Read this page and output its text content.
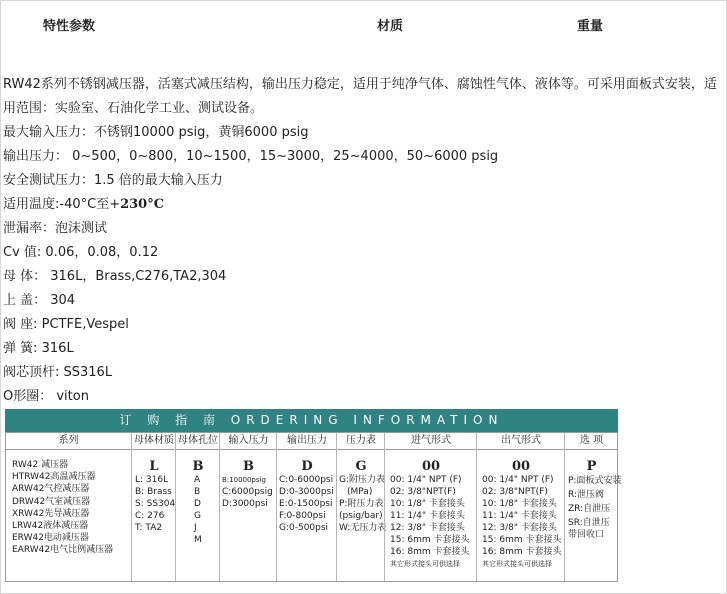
特性参数	材质	重量

RW42系列不锈钢减压器，活塞式减压结构，输出压力稳定，适用于纯净气体、腐蚀性气体、液体等。可采用面板式安装，适用范围：实验室、石油化学工业、测试设备。

最大输入压力：不锈钢10000 psig，黄铜6000 psig

输出压力： 0~500，0~800，10~1500，15~3000，25~4000，50~6000 psig

安全测试压力：1.5 倍的最大输入压力

适用温度:-40°C至+230°C

泄漏率：泡沫测试

Cv 值: 0.06，0.08，0.12

母 体： 316L，Brass,C276,TA2,304

上 盖： 304

阀 座: PCTFE,Vespel

弹 簧: 316L

阀芯顶杆: SS316L

O形圈： viton

订 购 指 南 ORDERING INFORMATION
系列
RW42 减压器
HTRW42高温减压器
ARW42气控减压器
DRW42气室减压器
XRW42先导减压器
LRW42液体减压器
ERW42电动减压器
EARW42电气比例减压器
母体材质
L
L: 316L
B: Brass
S: SS304
C: 276
T: TA2
母体孔位
B
A
B
D
G
J
M
输入压力
B
B:10000psig
C:6000psig
D:3000psi
输出压力
D
C:0-6000psi
D:0-3000psi
E:0-1500psi
F:0-800psi
G:0-500psi
压力表
G
G:附压力表
(MPa)
P:附压力表
(psig/bar)
W:无压力表
进气形式
00
00: 1/4" NPT (F)
02: 3/8"NPT(F)
10: 1/8" 卡套接头
11: 1/4" 卡套接头
12: 3/8" 卡套接头
15: 6mm 卡套接头
16: 8mm 卡套接头
其它形式接头可供选择
出气形式
00
00: 1/4" NPT (F)
02: 3/8"NPT(F)
10: 1/8" 卡套接头
11: 1/4" 卡套接头
12: 3/8" 卡套接头
15: 6mm 卡套接头
16: 8mm 卡套接头
其它形式接头可供选择
选 项
P
P:面板式安装
R:泄压阀
ZR:自泄压
SR:自泄压
带回收口
